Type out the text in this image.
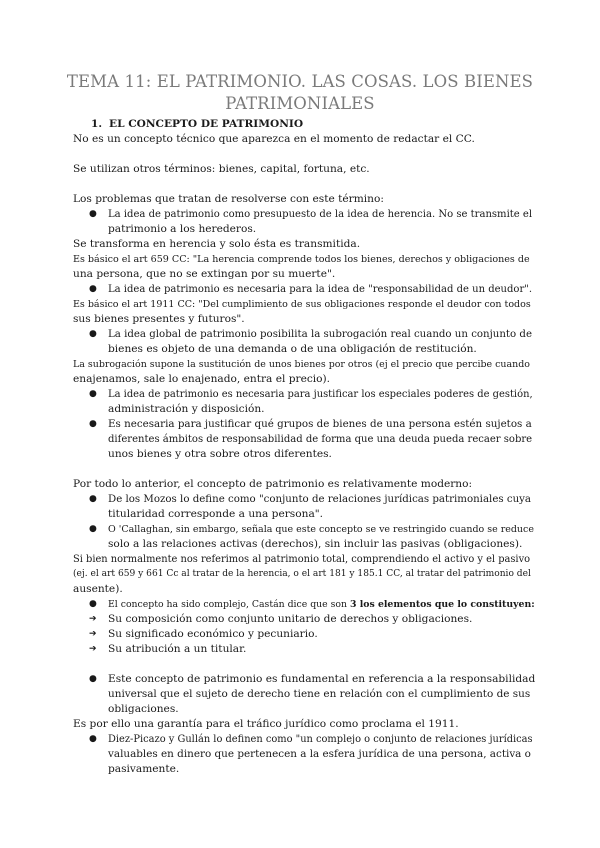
TEMA 11: EL PATRIMONIO. LAS COSAS. LOS BIENES
PATRIMONIALES
1. EL CONCEPTO DE PATRIMONIO
No es un concepto técnico que aparezca en el momento de redactar el CC.
Se utilizan otros términos: bienes, capital, fortuna, etc.
Los problemas que tratan de resolverse con este término:
●	La idea de patrimonio como presupuesto de la idea de herencia. No se transmite el
patrimonio a los herederos.
Se transforma en herencia y solo ésta es transmitida.
Es básico el art 659 CC: "La herencia comprende todos los bienes, derechos y obligaciones de
una persona, que no se extingan por su muerte".
●	La idea de patrimonio es necesaria para la idea de "responsabilidad de un deudor".
Es básico el art 1911 CC: "Del cumplimiento de sus obligaciones responde el deudor con todos
sus bienes presentes y futuros".
●	La idea global de patrimonio posibilita la subrogación real cuando un conjunto de
bienes es objeto de una demanda o de una obligación de restitución.
La subrogación supone la sustitución de unos bienes por otros (ej el precio que percibe cuando
enajenamos, sale lo enajenado, entra el precio).
●	La idea de patrimonio es necesaria para justificar los especiales poderes de gestión,
administración y disposición.
●	Es necesaria para justificar qué grupos de bienes de una persona estén sujetos a
diferentes ámbitos de responsabilidad de forma que una deuda pueda recaer sobre
unos bienes y otra sobre otros diferentes.
Por todo lo anterior, el concepto de patrimonio es relativamente moderno:
●	De los Mozos lo define como "conjunto de relaciones jurídicas patrimoniales cuya
titularidad corresponde a una persona".
●	O 'Callaghan, sin embargo, señala que este concepto se ve restringido cuando se reduce
solo a las relaciones activas (derechos), sin incluir las pasivas (obligaciones).
Si bien normalmente nos referimos al patrimonio total, comprendiendo el activo y el pasivo
(ej. el art 659 y 661 Cc al tratar de la herencia, o el art 181 y 185.1 CC, al tratar del patrimonio del
ausente).
●	El concepto ha sido complejo, Castán dice que son 3 los elementos que lo constituyen:
➔	Su composición como conjunto unitario de derechos y obligaciones.
➔	Su significado económico y pecuniario.
➔	Su atribución a un titular.
●	Este concepto de patrimonio es fundamental en referencia a la responsabilidad
universal que el sujeto de derecho tiene en relación con el cumplimiento de sus
obligaciones.
Es por ello una garantía para el tráfico jurídico como proclama el 1911.
●	Diez-Picazo y Gullán lo definen como "un complejo o conjunto de relaciones jurídicas
valuables en dinero que pertenecen a la esfera jurídica de una persona, activa o
pasivamente.
